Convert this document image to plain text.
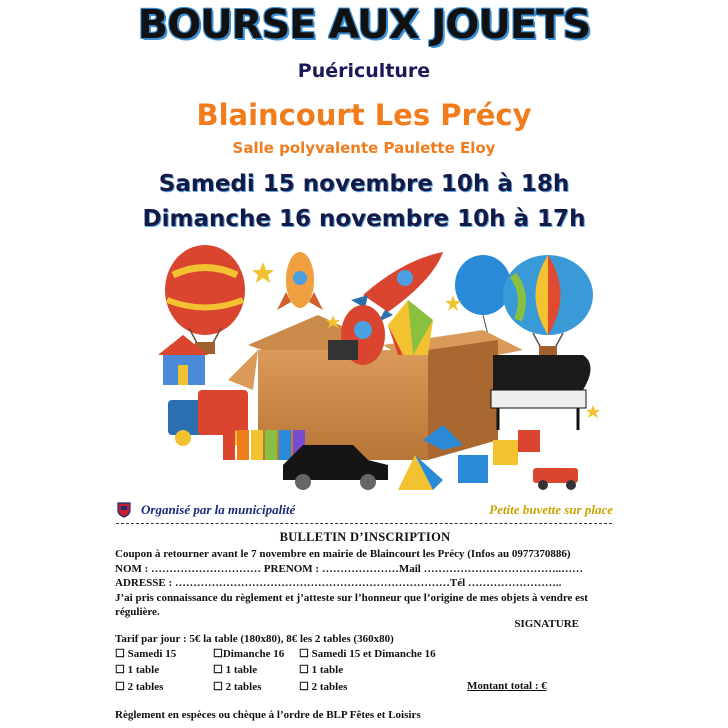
BOURSE AUX JOUETS
Puériculture
Blaincourt Les Précy
Salle polyvalente Paulette Eloy
Samedi 15 novembre 10h à 18h
Dimanche 16 novembre 10h à 17h
Organisé par la municipalité	Petite buvette sur place
BULLETIN D’INSCRIPTION
Coupon à retourner avant le 7 novembre en mairie de Blaincourt les Précy (Infos au 0977370886)
NOM : ………………………… PRENOM : …………………Mail ………………………………..……
ADRESSE : …………………………………………………………………Tél ……………………..
J’ai pris connaissance du règlement et j’atteste sur l’honneur que l’origine de mes objets à vendre est régulière.
SIGNATURE
Tarif par jour : 5€ la table (180x80), 8€ les 2 tables (360x80)
☐ Samedi 15
☐ 1 table
☐ 2 tables
☐Dimanche 16
☐ 1 table
☐ 2 tables
☐ Samedi 15 et Dimanche 16
☐ 1 table
☐ 2 tables	Montant total : €
Règlement en espèces ou chèque à l’ordre de BLP Fêtes et Loisirs
